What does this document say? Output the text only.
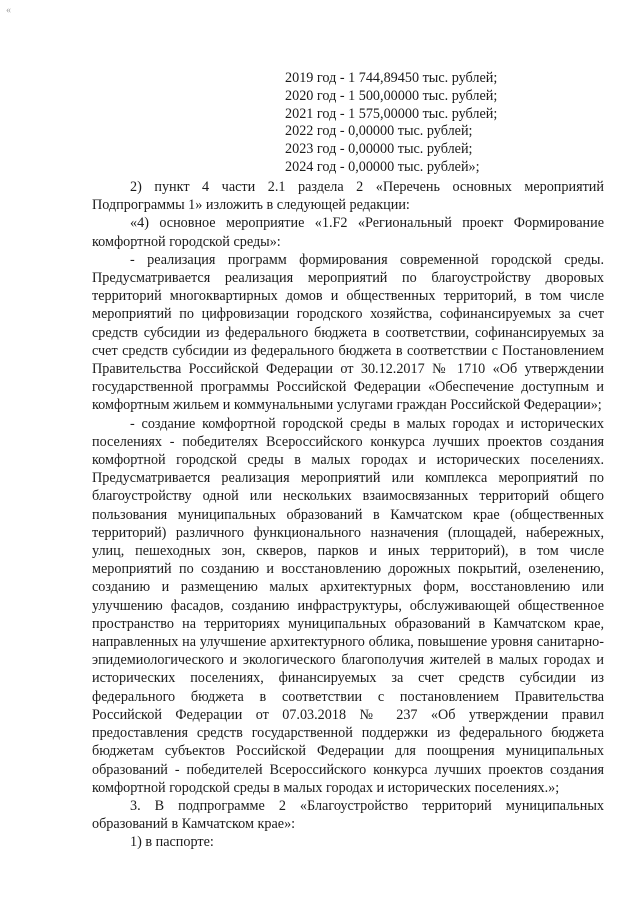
«
2019 год - 1 744,89450 тыс. рублей;
2020 год - 1 500,00000 тыс. рублей;
2021 год - 1 575,00000 тыс. рублей;
2022 год - 0,00000 тыс. рублей;
2023 год - 0,00000 тыс. рублей;
2024 год - 0,00000 тыс. рублей»;

2) пункт 4 части 2.1 раздела 2 «Перечень основных мероприятий Подпрограммы 1» изложить в следующей редакции:

«4) основное мероприятие «1.F2 «Региональный проект Формирование комфортной городской среды»:

- реализация программ формирования современной городской среды. Предусматривается реализация мероприятий по благоустройству дворовых территорий многоквартирных домов и общественных территорий, в том числе мероприятий по цифровизации городского хозяйства, софинансируемых за счет средств субсидии из федерального бюджета в соответствии, софинансируемых за счет средств субсидии из федерального бюджета в соответствии с Постановлением Правительства Российской Федерации от 30.12.2017 № 1710 «Об утверждении государственной программы Российской Федерации «Обеспечение доступным и комфортным жильем и коммунальными услугами граждан Российской Федерации»;

- создание комфортной городской среды в малых городах и исторических поселениях - победителях Всероссийского конкурса лучших проектов создания комфортной городской среды в малых городах и исторических поселениях. Предусматривается реализация мероприятий или комплекса мероприятий по благоустройству одной или нескольких взаимосвязанных территорий общего пользования муниципальных образований в Камчатском крае (общественных территорий) различного функционального назначения (площадей, набережных, улиц, пешеходных зон, скверов, парков и иных территорий), в том числе мероприятий по созданию и восстановлению дорожных покрытий, озеленению, созданию и размещению малых архитектурных форм, восстановлению или улучшению фасадов, созданию инфраструктуры, обслуживающей общественное пространство на территориях муниципальных образований в Камчатском крае, направленных на улучшение архитектурного облика, повышение уровня санитарно-эпидемиологического и экологического благополучия жителей в малых городах и исторических поселениях, финансируемых за счет средств субсидии из федерального бюджета в соответствии с постановлением Правительства Российской Федерации от 07.03.2018 № 237 «Об утверждении правил предоставления средств государственной поддержки из федерального бюджета бюджетам субъектов Российской Федерации для поощрения муниципальных образований - победителей Всероссийского конкурса лучших проектов создания комфортной городской среды в малых городах и исторических поселениях.»;

3. В подпрограмме 2 «Благоустройство территорий муниципальных образований в Камчатском крае»:

1) в паспорте:
